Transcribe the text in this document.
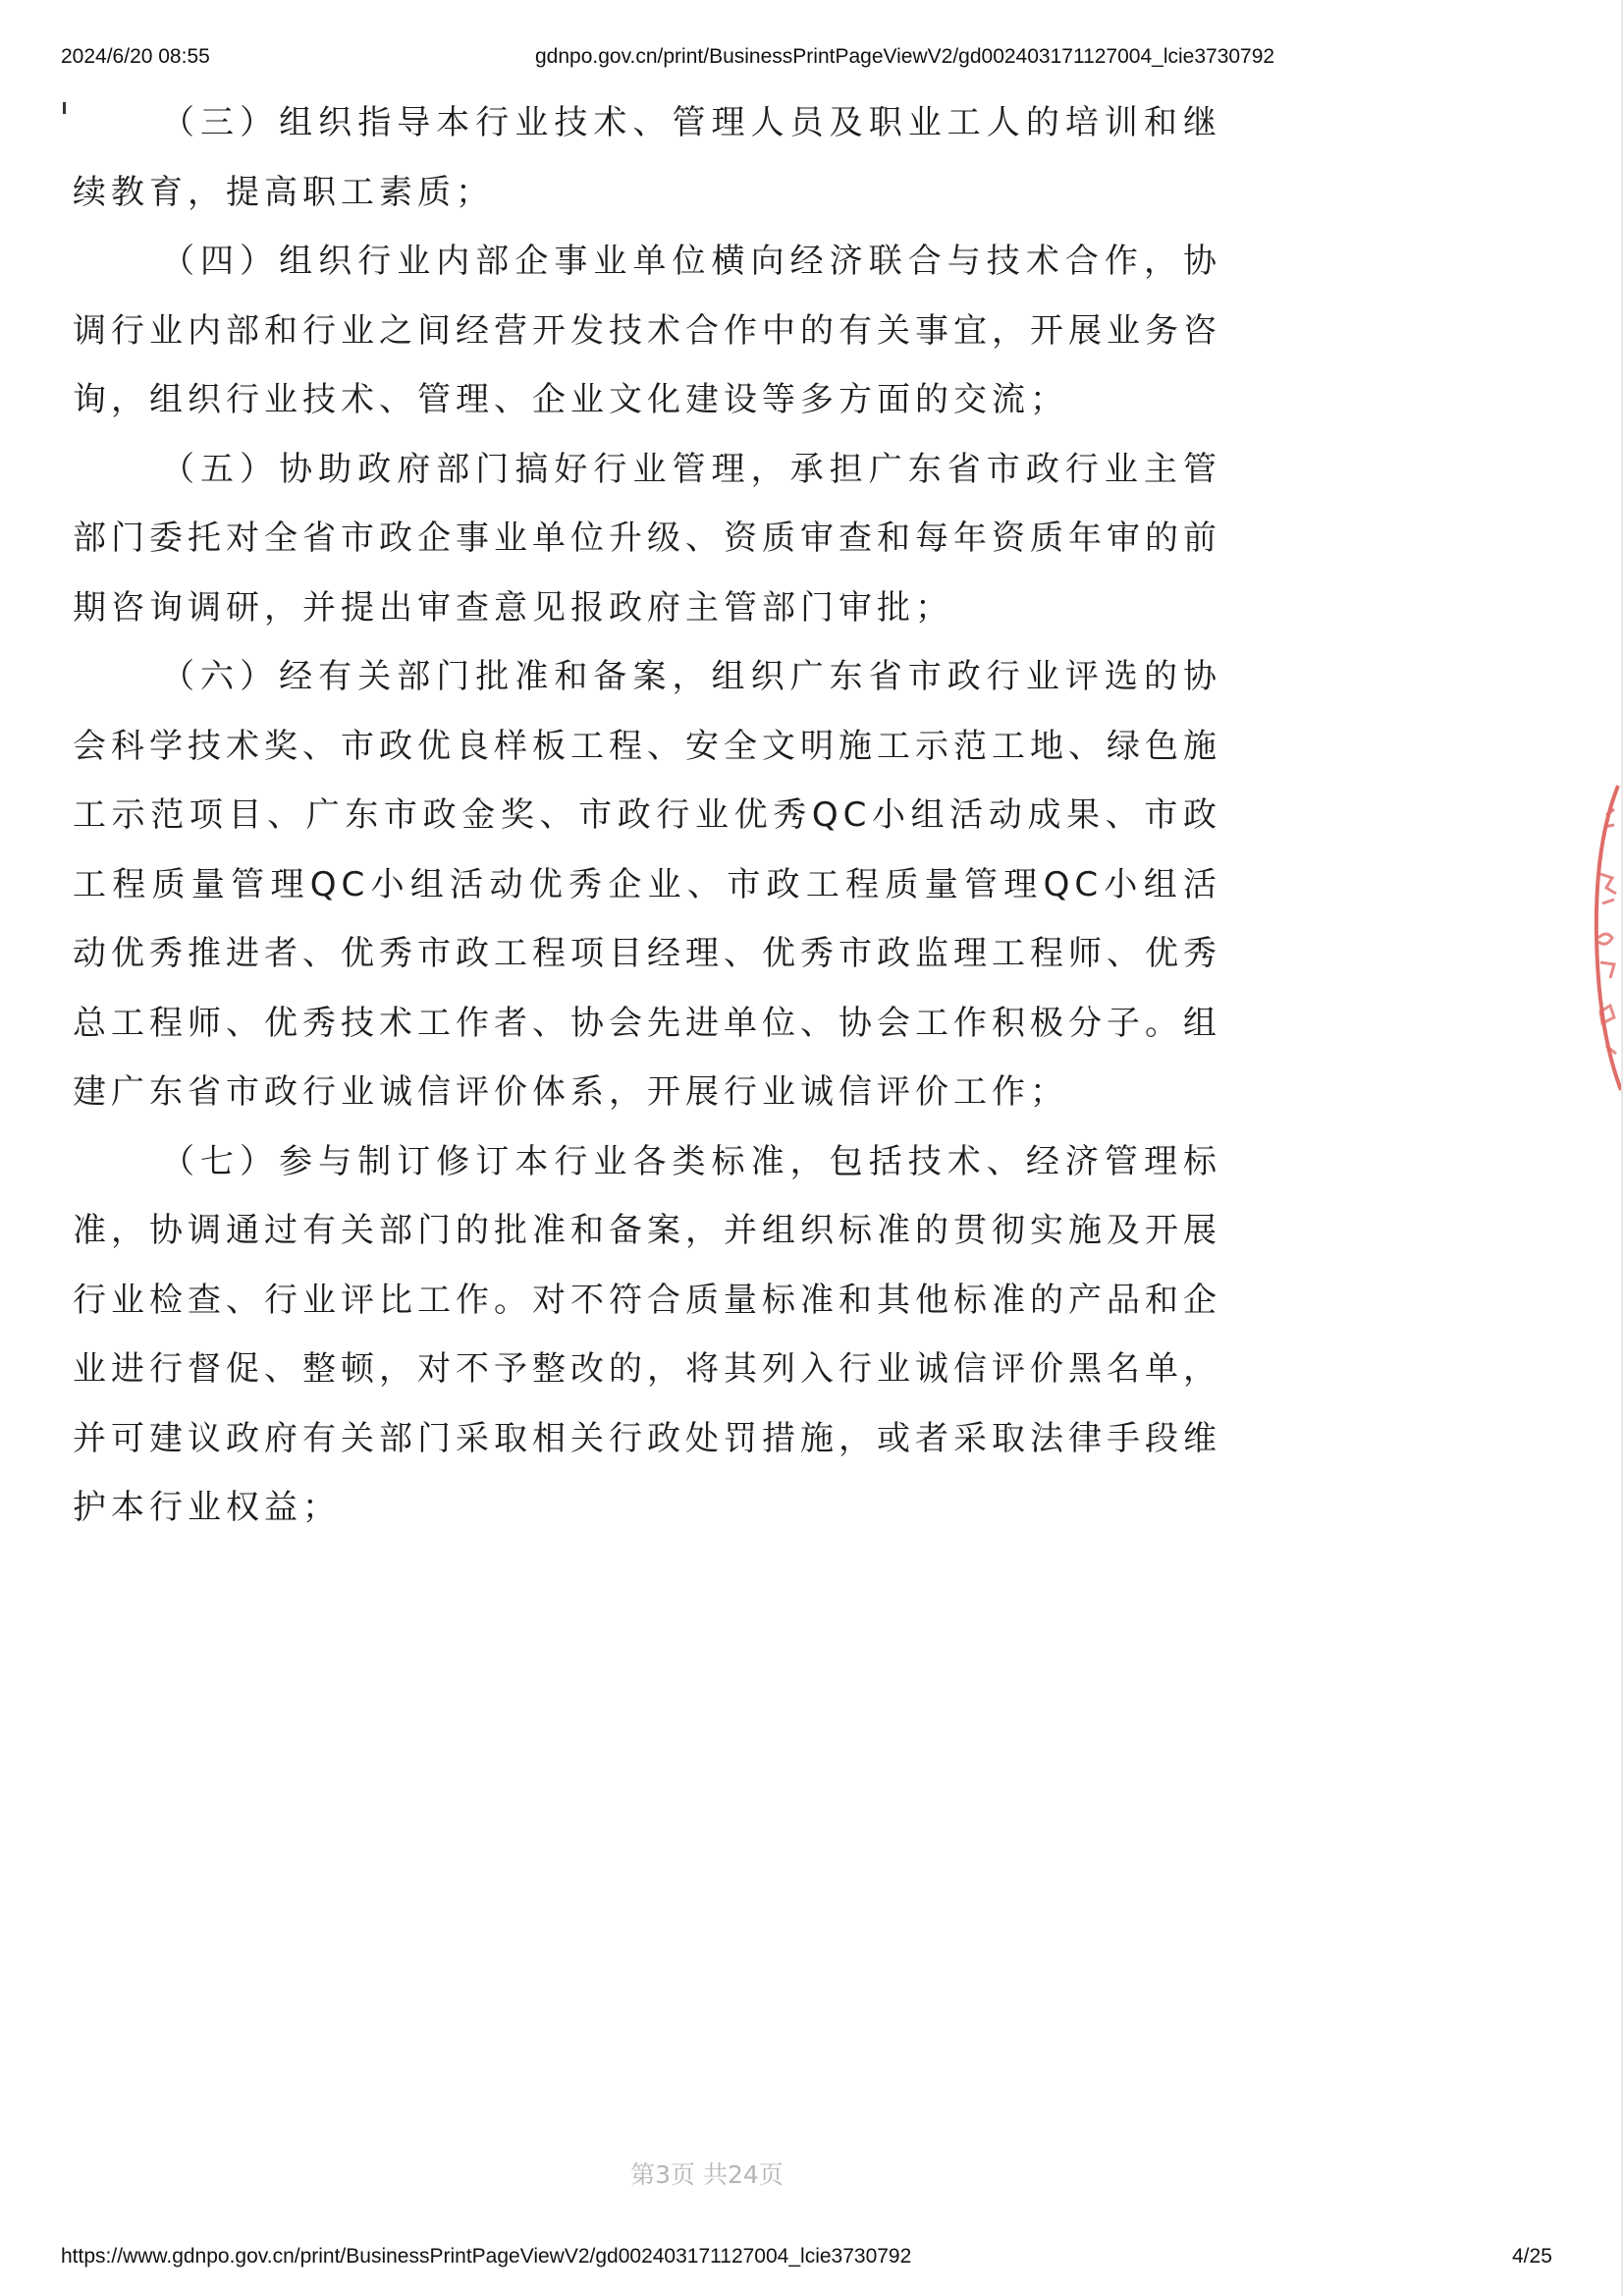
2024/6/20 08:55	gdnpo.gov.cn/print/BusinessPrintPageViewV2/gd002403171127004_lcie3730792

（三）组织指导本行业技术、管理人员及职业工人的培训和继续教育，提高职工素质；

（四）组织行业内部企事业单位横向经济联合与技术合作，协调行业内部和行业之间经营开发技术合作中的有关事宜，开展业务咨询，组织行业技术、管理、企业文化建设等多方面的交流；

（五）协助政府部门搞好行业管理，承担广东省市政行业主管部门委托对全省市政企事业单位升级、资质审查和每年资质年审的前期咨询调研，并提出审查意见报政府主管部门审批；

（六）经有关部门批准和备案，组织广东省市政行业评选的协会科学技术奖、市政优良样板工程、安全文明施工示范工地、绿色施工示范项目、广东市政金奖、市政行业优秀QC小组活动成果、市政工程质量管理QC小组活动优秀企业、市政工程质量管理QC小组活动优秀推进者、优秀市政工程项目经理、优秀市政监理工程师、优秀总工程师、优秀技术工作者、协会先进单位、协会工作积极分子。组建广东省市政行业诚信评价体系，开展行业诚信评价工作；

（七）参与制订修订本行业各类标准，包括技术、经济管理标准，协调通过有关部门的批准和备案，并组织标准的贯彻实施及开展行业检查、行业评比工作。对不符合质量标准和其他标准的产品和企业进行督促、整顿，对不予整改的，将其列入行业诚信评价黑名单，并可建议政府有关部门采取相关行政处罚措施，或者采取法律手段维护本行业权益；

第3页 共24页
https://www.gdnpo.gov.cn/print/BusinessPrintPageViewV2/gd002403171127004_lcie3730792	4/25
